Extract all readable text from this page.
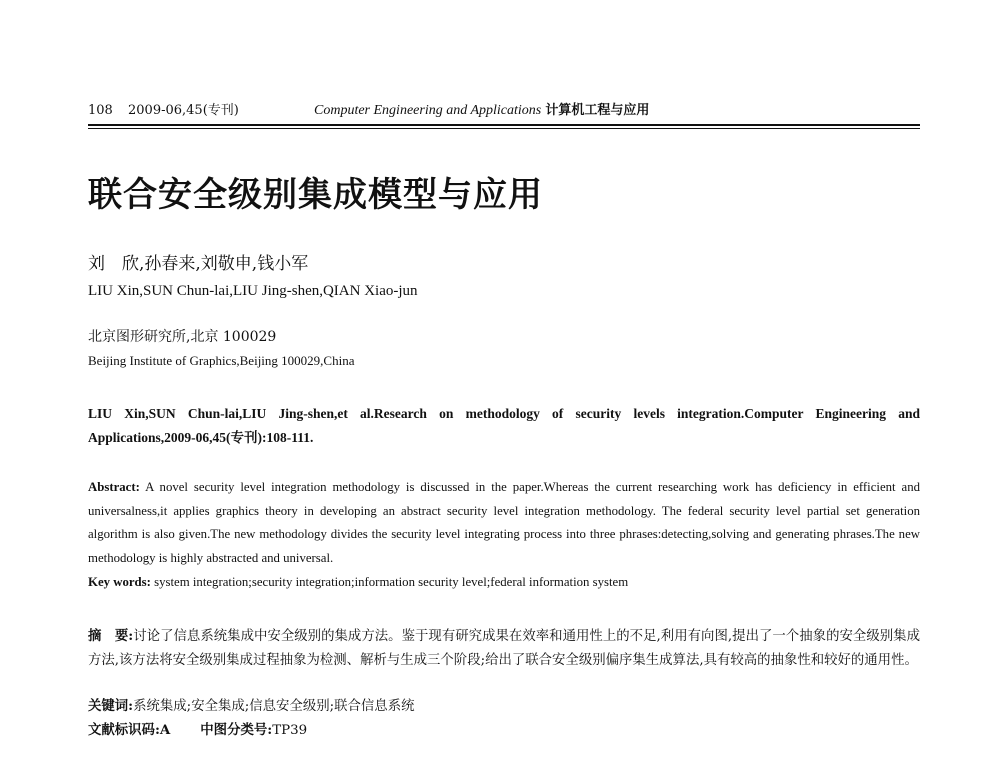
108 2009-06,45(专刊)	Computer Engineering and Applications 计算机工程与应用
联合安全级别集成模型与应用
刘　欣,孙春来,刘敬申,钱小军
LIU Xin,SUN Chun-lai,LIU Jing-shen,QIAN Xiao-jun
北京图形研究所,北京 100029
Beijing Institute of Graphics,Beijing 100029,China
LIU Xin,SUN Chun-lai,LIU Jing-shen,et al.Research on methodology of security levels integration.Computer Engineering and Applications,2009-06,45(专刊):108-111.
Abstract: A novel security level integration methodology is discussed in the paper.Whereas the current researching work has deficiency in efficient and universalness,it applies graphics theory in developing an abstract security level integration methodology. The federal security level partial set generation algorithm is also given.The new methodology divides the security level integrating process into three phrases:detecting,solving and generating phrases.The new methodology is highly abstracted and universal.
Key words: system integration;security integration;information security level;federal information system
摘　要:讨论了信息系统集成中安全级别的集成方法。鉴于现有研究成果在效率和通用性上的不足,利用有向图,提出了一个抽象的安全级别集成方法,该方法将安全级别集成过程抽象为检测、解析与生成三个阶段;给出了联合安全级别偏序集生成算法,具有较高的抽象性和较好的通用性。
关键词:系统集成;安全集成;信息安全级别;联合信息系统
文献标识码:A 中图分类号:TP39
